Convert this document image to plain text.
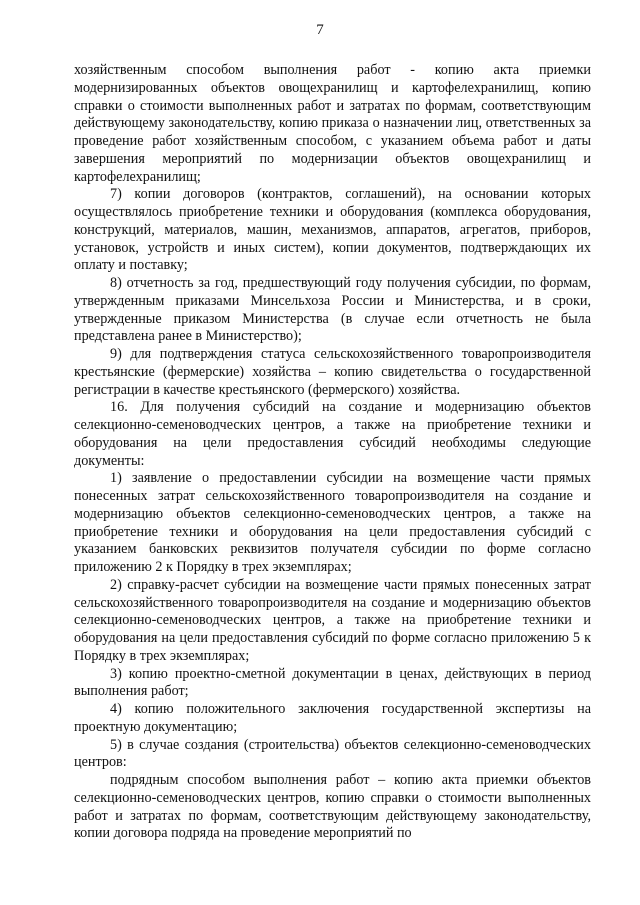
7

хозяйственным способом выполнения работ - копию акта приемки модернизированных объектов овощехранилищ и картофелехранилищ, копию справки о стоимости выполненных работ и затратах по формам, соответствующим действующему законодательству, копию приказа о назначении лиц, ответственных за проведение работ хозяйственным способом, с указанием объема работ и даты завершения мероприятий по модернизации объектов овощехранилищ и картофелехранилищ;

7) копии договоров (контрактов, соглашений), на основании которых осуществлялось приобретение техники и оборудования (комплекса оборудования, конструкций, материалов, машин, механизмов, аппаратов, агрегатов, приборов, установок, устройств и иных систем), копии документов, подтверждающих их оплату и поставку;

8) отчетность за год, предшествующий году получения субсидии, по формам, утвержденным приказами Минсельхоза России и Министерства, и в сроки, утвержденные приказом Министерства (в случае если отчетность не была представлена ранее в Министерство);

9) для подтверждения статуса сельскохозяйственного товаропроизводителя крестьянские (фермерские) хозяйства – копию свидетельства о государственной регистрации в качестве крестьянского (фермерского) хозяйства.

16. Для получения субсидий на создание и модернизацию объектов селекционно-семеноводческих центров, а также на приобретение техники и оборудования на цели предоставления субсидий необходимы следующие документы:

1) заявление о предоставлении субсидии на возмещение части прямых понесенных затрат сельскохозяйственного товаропроизводителя на создание и модернизацию объектов селекционно-семеноводческих центров, а также на приобретение техники и оборудования на цели предоставления субсидий с указанием банковских реквизитов получателя субсидии по форме согласно приложению 2 к Порядку в трех экземплярах;

2) справку-расчет субсидии на возмещение части прямых понесенных затрат сельскохозяйственного товаропроизводителя на создание и модернизацию объектов селекционно-семеноводческих центров, а также на приобретение техники и оборудования на цели предоставления субсидий по форме согласно приложению 5 к Порядку в трех экземплярах;

3) копию проектно-сметной документации в ценах, действующих в период выполнения работ;

4) копию положительного заключения государственной экспертизы на проектную документацию;

5) в случае создания (строительства) объектов селекционно-семеноводческих центров:

подрядным способом выполнения работ – копию акта приемки объектов селекционно-семеноводческих центров, копию справки о стоимости выполненных работ и затратах по формам, соответствующим действующему законодательству, копии договора подряда на проведение мероприятий по
